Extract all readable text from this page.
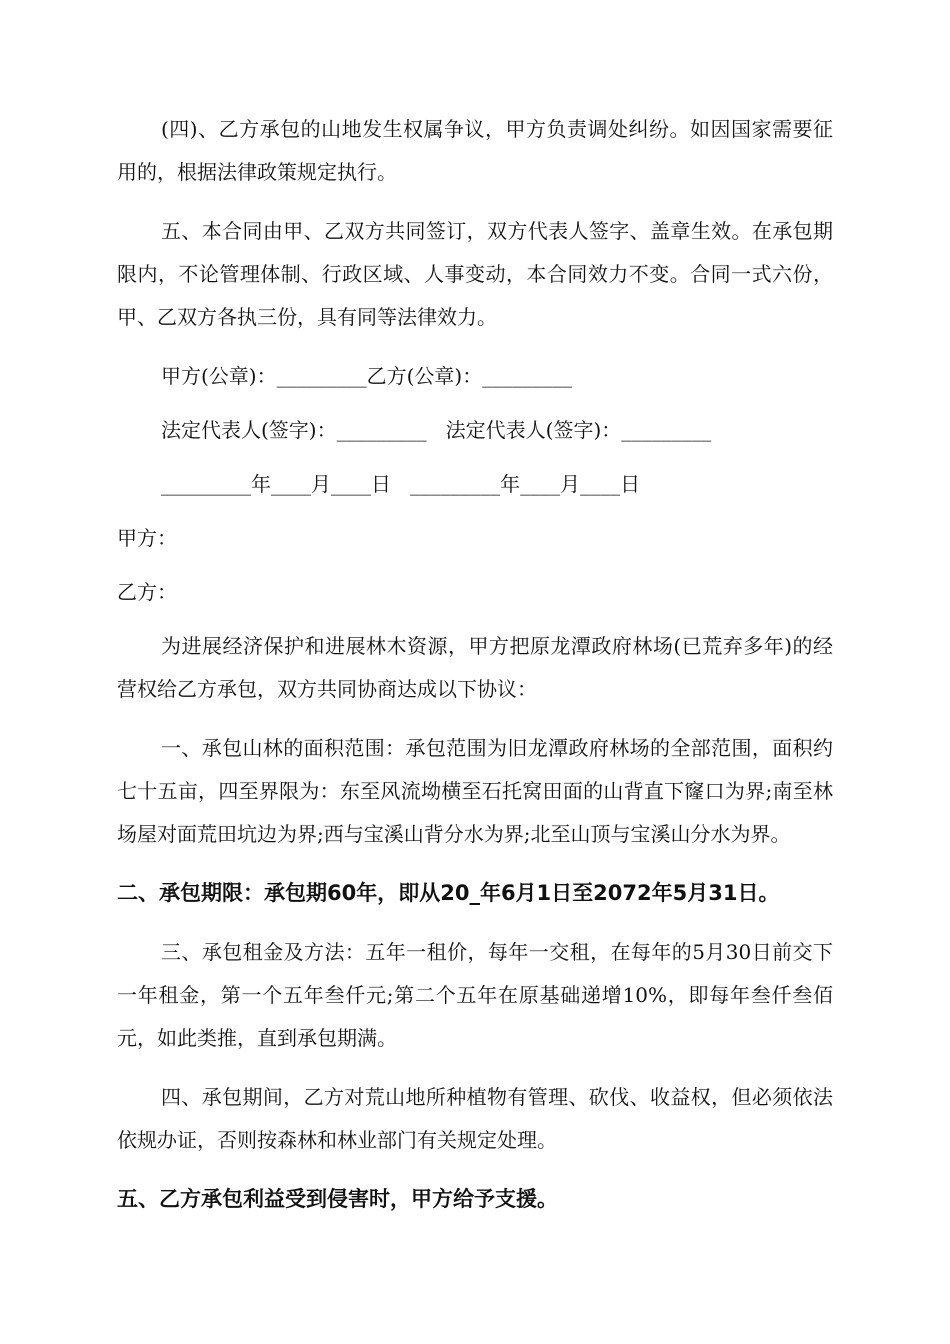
(四)、乙方承包的山地发生权属争议，甲方负责调处纠纷。如因国家需要征用的，根据法律政策规定执行。

五、本合同由甲、乙双方共同签订，双方代表人签字、盖章生效。在承包期限内，不论管理体制、行政区域、人事变动，本合同效力不变。合同一式六份，甲、乙双方各执三份，具有同等法律效力。

甲方(公章)：_________乙方(公章)：_________

法定代表人(签字)：_________   法定代表人(签字)：_________

_________年____月____日   _________年____月____日

甲方：

乙方：

为进展经济保护和进展林木资源，甲方把原龙潭政府林场(已荒弃多年)的经营权给乙方承包，双方共同协商达成以下协议：

一、承包山林的面积范围：承包范围为旧龙潭政府林场的全部范围，面积约七十五亩，四至界限为：东至风流坳横至石托窝田面的山背直下窿口为界;南至林场屋对面荒田坑边为界;西与宝溪山背分水为界;北至山顶与宝溪山分水为界。

二、承包期限：承包期60年，即从20_年6月1日至2072年5月31日。

三、承包租金及方法：五年一租价，每年一交租，在每年的5月30日前交下一年租金，第一个五年叁仟元;第二个五年在原基础递增10%，即每年叁仟叁佰元，如此类推，直到承包期满。

四、承包期间，乙方对荒山地所种植物有管理、砍伐、收益权，但必须依法依规办证，否则按森林和林业部门有关规定处理。

五、乙方承包利益受到侵害时，甲方给予支援。
